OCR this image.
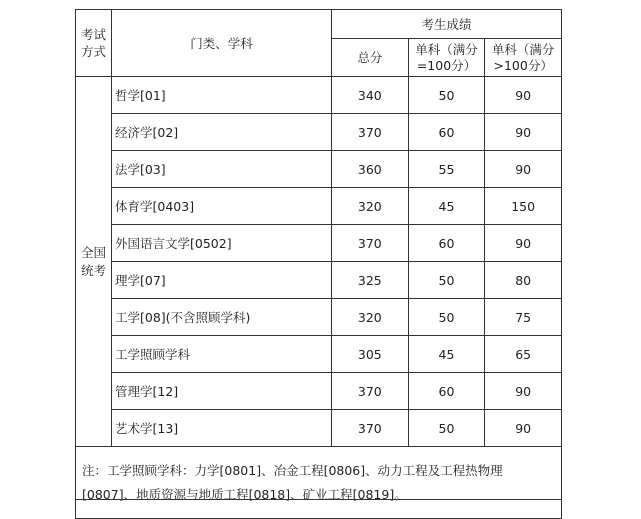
考试方式	门类、学科	考生成绩		
		总分	单科（满分=100分）	单科（满分>100分）
全国统考	哲学[01]	340	50	90
	经济学[02]	370	60	90
	法学[03]	360	55	90
	体育学[0403]	320	45	150
	外国语言文学[0502]	370	60	90
	理学[07]	325	50	80
	工学[08](不含照顾学科)	320	50	75
	工学照顾学科	305	45	65
	管理学[12]	370	60	90
	艺术学[13]	370	50	90
注：工学照顾学科：力学[0801]、冶金工程[0806]、动力工程及工程热物理[0807]、地质资源与地质工程[0818]、矿业工程[0819]。				
